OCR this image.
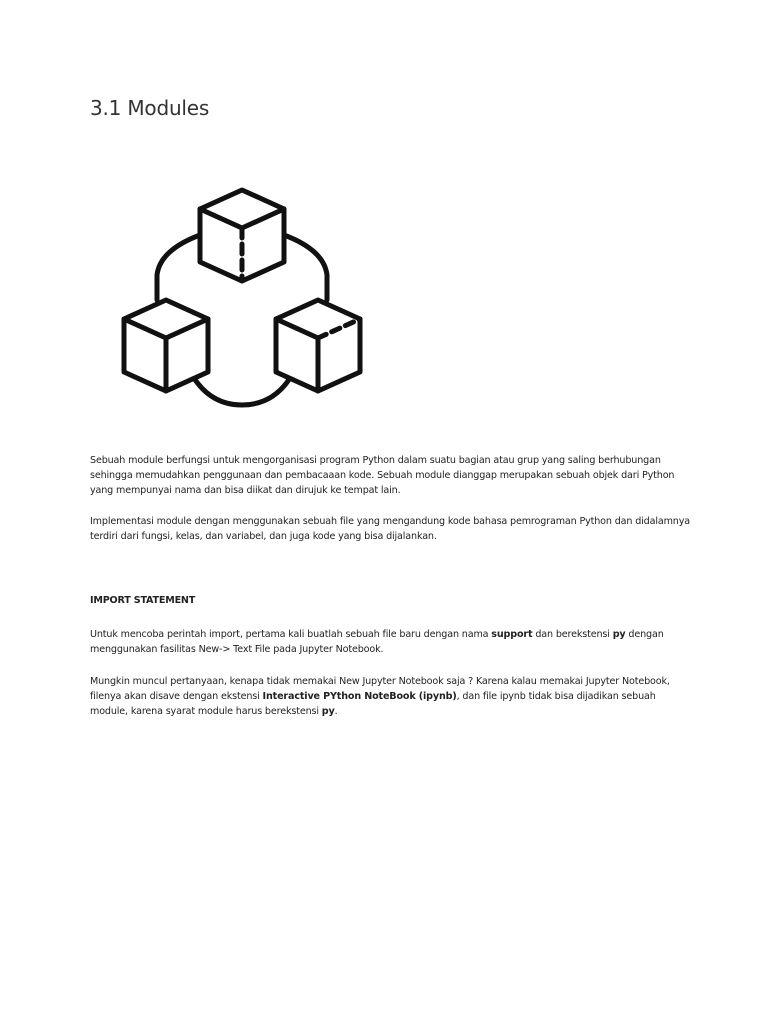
3.1 Modules

Sebuah module berfungsi untuk mengorganisasi program Python dalam suatu bagian atau grup yang saling berhubungan sehingga memudahkan penggunaan dan pembacaaan kode. Sebuah module dianggap merupakan sebuah objek dari Python yang mempunyai nama dan bisa diikat dan dirujuk ke tempat lain.

Implementasi module dengan menggunakan sebuah file yang mengandung kode bahasa pemrograman Python dan didalamnya terdiri dari fungsi, kelas, dan variabel, dan juga kode yang bisa dijalankan.

IMPORT STATEMENT

Untuk mencoba perintah import, pertama kali buatlah sebuah file baru dengan nama support dan berekstensi py dengan menggunakan fasilitas New-> Text File pada Jupyter Notebook.

Mungkin muncul pertanyaan, kenapa tidak memakai New Jupyter Notebook saja ? Karena kalau memakai Jupyter Notebook, filenya akan disave dengan ekstensi Interactive PYthon NoteBook (ipynb), dan file ipynb tidak bisa dijadikan sebuah module, karena syarat module harus berekstensi py.
